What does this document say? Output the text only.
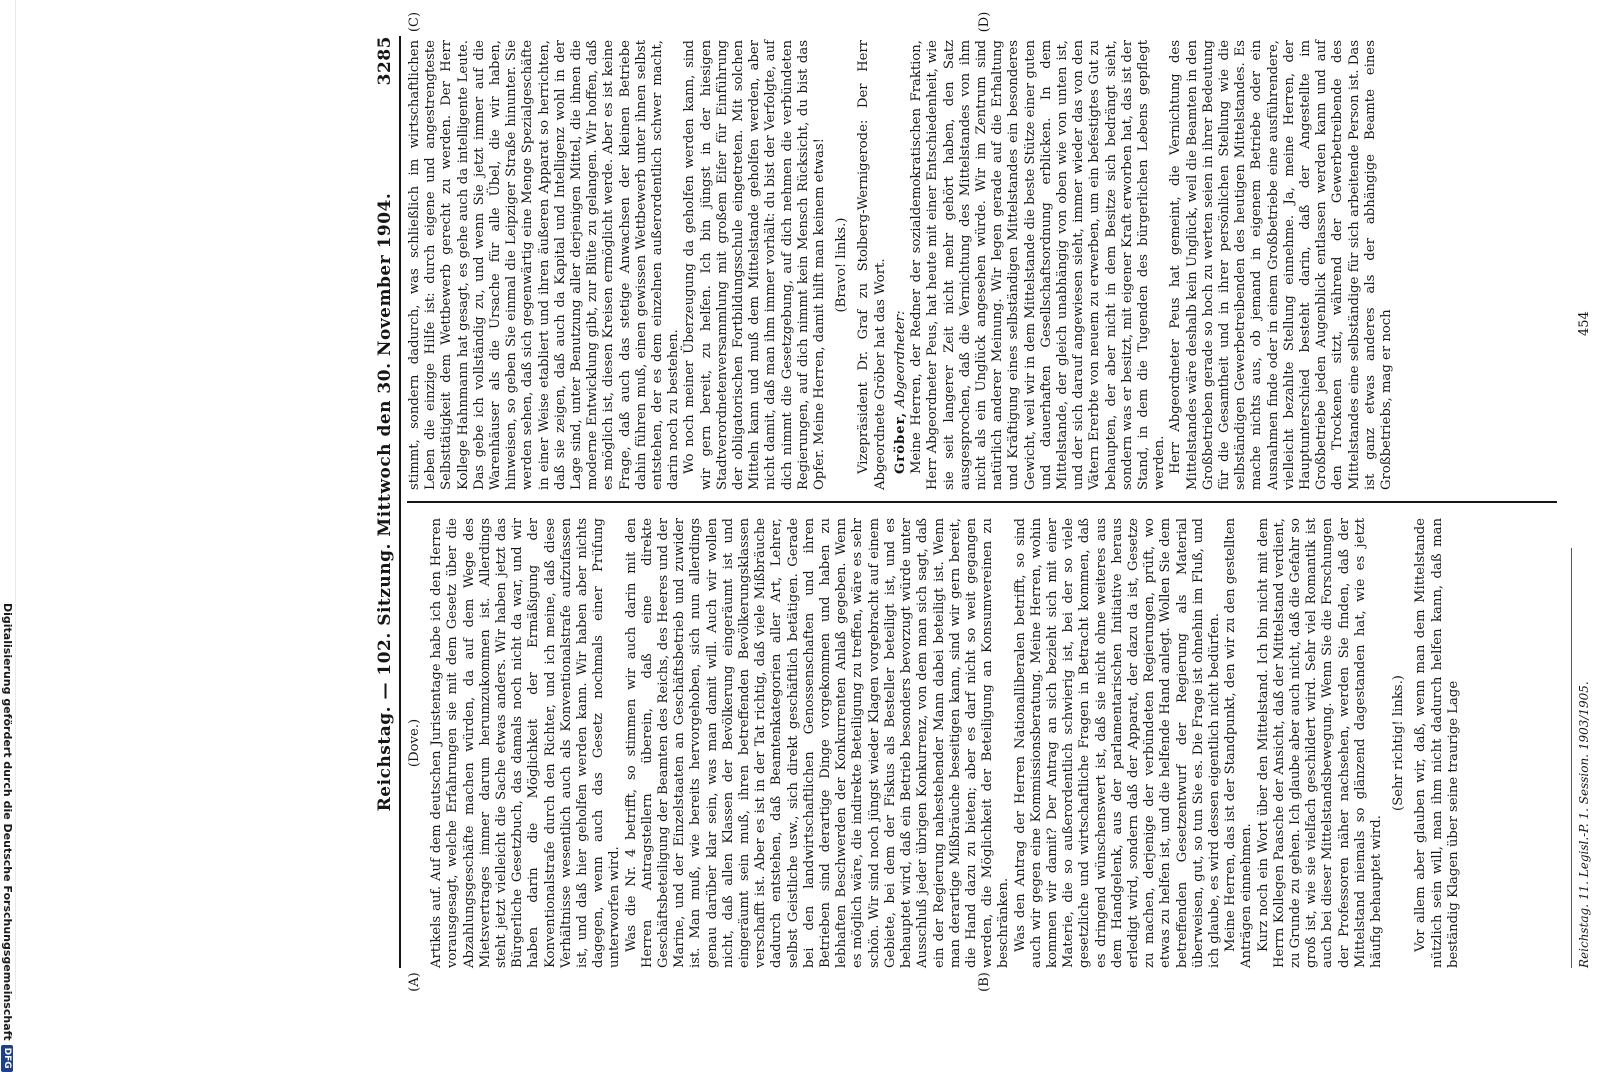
Digitalisierung gefördert durch die Deutsche Forschungsgemeinschaft
DFG
Reichstag. — 102. Sitzung. Mittwoch den 30. November 1904.
3285
(A)	(B)
(C)	(D)

(Dove.) Artikels auf. Auf dem deutschen Juristentage habe ich den Herren vorausgesagt, welche Erfahrungen sie mit dem Gesetz über die Abzahlungsgeschäfte machen würden, da auf dem Wege des Mietsvertrages immer darum herumzukommen ist. Allerdings steht jetzt vielleicht die Sache etwas anders. Wir haben jetzt das Bürgerliche Gesetzbuch, das damals noch nicht da war, und wir haben darin die Möglichkeit der Ermäßigung der Konventionalstrafe durch den Richter, und ich meine, daß diese Verhältnisse wesentlich auch als Konventionalstrafe aufzufassen ist, und daß hier geholfen werden kann. Wir haben aber nichts dagegen, wenn auch das Gesetz nochmals einer Prüfung unterworfen wird. Was die Nr. 4 betrifft, so stimmen wir auch darin mit den Herren Antragstellern überein, daß eine direkte Geschäftsbeteiligung der Beamten des Reichs, des Heeres und der Marine, und der Einzelstaaten an Geschäftsbetrieb und zuwider ist. Man muß, wie bereits hervorgehoben, sich nun allerdings genau darüber klar sein, was man damit will. Auch wir wollen nicht, daß allen Klassen der Bevölkerung eingeräumt ist und eingeräumt sein muß, ihren betreffenden Bevölkerungsklassen verschafft ist. Aber es ist in der Tat richtig, daß viele Mißbräuche dadurch entstehen, daß Beamtenkategorien aller Art, Lehrer, selbst Geistliche usw., sich direkt geschäftlich betätigen. Gerade bei den landwirtschaftlichen Genossenschaften und ihren Betrieben sind derartige Dinge vorgekommen und haben zu lebhaften Beschwerden der Konkurrenten Anlaß gegeben. Wenn es möglich wäre, die indirekte Beteiligung zu treffen, wäre es sehr schön. Wir sind noch jüngst wieder Klagen vorgebracht auf einem Gebiete, bei dem der Fiskus als Besteller beteiligt ist, und es behauptet wird, daß ein Betrieb besonders bevorzugt würde unter Ausschluß jeder übrigen Konkurrenz, von dem man sich sagt, daß ein der Regierung nahestehender Mann dabei beteiligt ist. Wenn man derartige Mißbräuche beseitigen kann, sind wir gern bereit, die Hand dazu zu bieten; aber es darf nicht so weit gegangen werden, die Möglichkeit der Beteiligung an Konsumvereinen zu beschränken. Was den Antrag der Herren Nationalliberalen betrifft, so sind auch wir gegen eine Kommissionsberatung. Meine Herren, wohin kommen wir damit? Der Antrag an sich bezieht sich mit einer Materie, die so außerordentlich schwierig ist, bei der so viele gesetzliche und wirtschaftliche Fragen in Betracht kommen, daß es dringend wünschenswert ist, daß sie nicht ohne weiteres aus dem Handgelenk, aus der parlamentarischen Initiative heraus erledigt wird, sondern daß der Apparat, der dazu da ist, Gesetze zu machen, derjenige der verbündeten Regierungen, prüft, wo etwas zu helfen ist, und die helfende Hand anlegt. Wollen Sie dem betreffenden Gesetzentwurf der Regierung als Material überweisen, gut, so tun Sie es. Die Frage ist ohnehin im Fluß, und ich glaube, es wird dessen eigentlich nicht bedürfen. Meine Herren, das ist der Standpunkt, den wir zu den gestellten Anträgen einnehmen. Kurz noch ein Wort über den Mittelstand. Ich bin nicht mit dem Herrn Kollegen Paasche der Ansicht, daß der Mittelstand verdient, zu Grunde zu gehen. Ich glaube aber auch nicht, daß die Gefahr so groß ist, wie sie vielfach geschildert wird. Sehr viel Romantik ist auch bei dieser Mittelstandsbewegung. Wenn Sie die Forschungen der Professoren näher nachsehen, werden Sie finden, daß der Mittelstand niemals so glänzend dagestanden hat, wie es jetzt häufig behauptet wird.

(Sehr richtig! links.) Vor allem aber glauben wir, daß, wenn man dem Mittelstande nützlich sein will, man ihm nicht dadurch helfen kann, daß man beständig Klagen über seine traurige Lage

stimmt, sondern dadurch, was schließlich im wirtschaftlichen Leben die einzige Hilfe ist: durch eigene und angestrengteste Selbsttätigkeit dem Wettbewerb gerecht zu werden. Der Herr Kollege Hahnmann hat gesagt, es gehe auch da intelligente Leute. Das gebe ich vollständig zu, und wenn Sie jetzt immer auf die Warenhäuser als die Ursache für alle Übel, die wir haben, hinweisen, so geben Sie einmal die Leipziger Straße hinunter. Sie werden sehen, daß sich gegenwärtig eine Menge Spezialgeschäfte in einer Weise etabliert und ihren äußeren Apparat so herrichten, daß sie zeigen, daß auch da Kapital und Intelligenz wohl in der Lage sind, unter Benutzung aller derjenigen Mittel, die ihnen die moderne Entwicklung gibt, zur Blüte zu gelangen. Wir hoffen, daß es möglich ist, diesen Kreisen ermöglicht werde. Aber es ist keine Frage, daß auch das stetige Anwachsen der kleinen Betriebe dahin führen muß, einen gewissen Wettbewerb unter ihnen selbst entstehen, der es dem einzelnen außerordentlich schwer macht, darin noch zu bestehen. Wo noch meiner Überzeugung da geholfen werden kann, sind wir gern bereit, zu helfen. Ich bin jüngst in der hiesigen Stadtverordnetenversammlung mit großem Eifer für Einführung der obligatorischen Fortbildungsschule eingetreten. Mit solchen Mitteln kann und muß dem Mittelstande geholfen werden, aber nicht damit, daß man ihm immer vorhält: du bist der Verfolgte, auf dich nimmt die Gesetzgebung, auf dich nehmen die verbündeten Regierungen, auf dich nimmt kein Mensch Rücksicht, du bist das Opfer. Meine Herren, damit hilft man keinem etwas! (Bravo! links.) Vizepräsident Dr. Graf zu Stolberg-Wernigerode: Der Herr Abgeordnete Gröber hat das Wort. Gröber, Abgeordneter: Meine Herren, der Redner der sozialdemokratischen Fraktion, Herr Abgeordneter Peus, hat heute mit einer Entschiedenheit, wie sie seit langerer Zeit nicht mehr gehört haben, den Satz ausgesprochen, daß die Vernichtung des Mittelstandes von ihm nicht als ein Unglück angesehen würde. Wir im Zentrum sind natürlich anderer Meinung. Wir legen gerade auf die Erhaltung und Kräftigung eines selbständigen Mittelstandes ein besonderes Gewicht, weil wir in dem Mittelstande die beste Stütze einer guten und dauerhaften Gesellschaftsordnung erblicken. In dem Mittelstande, der gleich unabhängig von oben wie von unten ist, und der sich darauf angewiesen sieht, immer wieder das von den Vätern Ererbte von neuem zu erwerben, um ein befestigtes Gut zu behaupten, der aber nicht in dem Besitze sich bedrängt sieht, sondern was er besitzt, mit eigener Kraft erworben hat, das ist der Stand, in dem die Tugenden des bürgerlichen Lebens gepflegt werden. Herr Abgeordneter Peus hat gemeint, die Vernichtung des Mittelstandes wäre deshalb kein Unglück, weil die Beamten in den Großbetrieben gerade so hoch zu werten seien in ihrer Bedeutung für die Gesamtheit und in ihrer persönlichen Stellung wie die selbständigen Gewerbetreibenden des heutigen Mittelstandes. Es mache nichts aus, ob jemand in eigenem Betriebe oder ein Ausnahmen finde oder in einem Großbetriebe eine ausführendere, vielleicht bezahlte Stellung einnehme. Ja, meine Herren, der Hauptunterschied besteht darin, daß der Angestellte im Großbetriebe jeden Augenblick entlassen werden kann und auf den Trockenen sitzt, während der Gewerbetreibende des Mittelstandes eine selbständige für sich arbeitende Person ist. Das ist ganz etwas anderes als der abhängige Beamte eines Großbetriebs, mag er noch

Reichstag. 11. Legisl.-P. 1. Session. 1903/1905.
454
